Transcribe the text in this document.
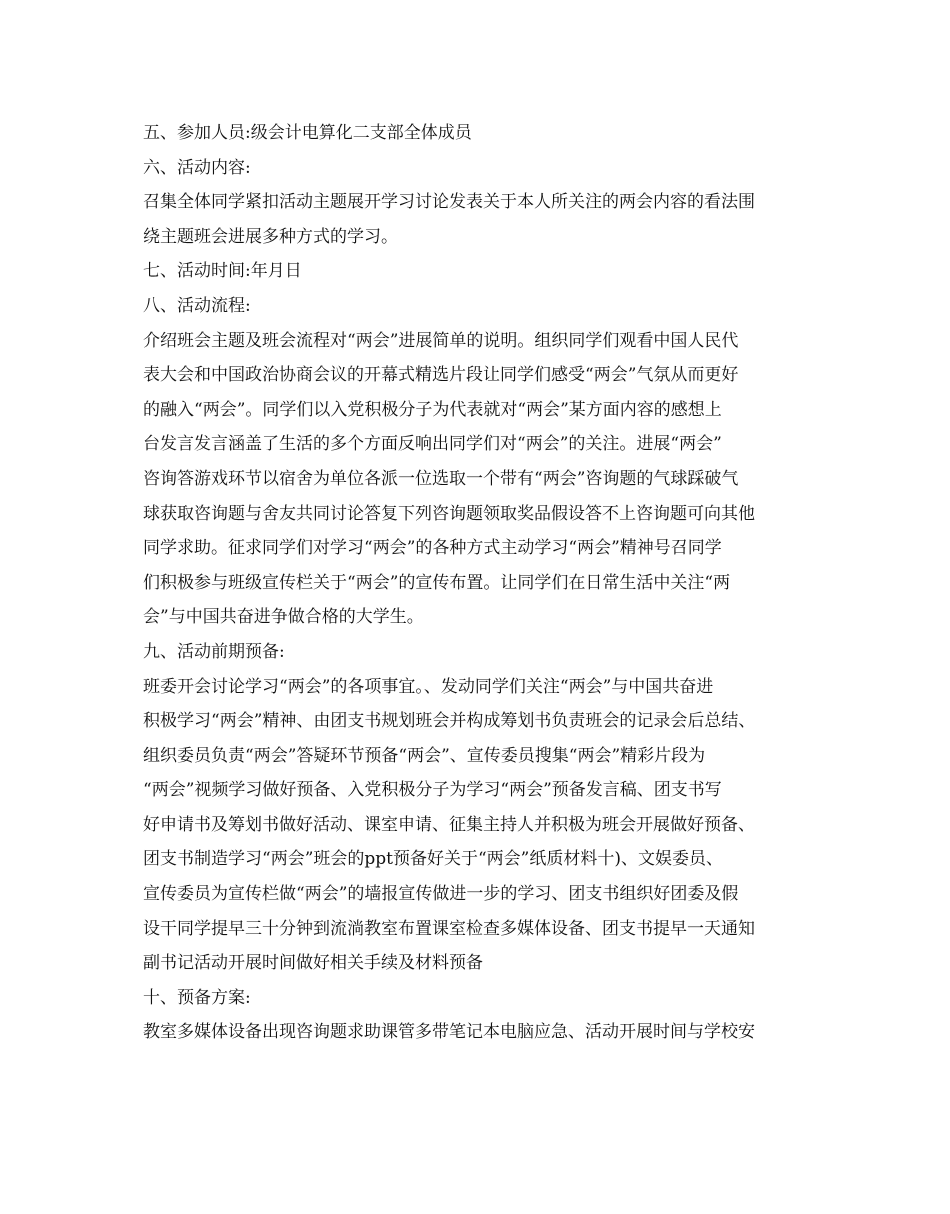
五、参加人员:级会计电算化二支部全体成员
六、活动内容:
召集全体同学紧扣活动主题展开学习讨论发表关于本人所关注的两会内容的看法围
绕主题班会进展多种方式的学习。
七、活动时间:年月日
八、活动流程:
介绍班会主题及班会流程对“两会”进展简单的说明。组织同学们观看中国人民代
表大会和中国政治协商会议的开幕式精选片段让同学们感受“两会”气氛从而更好
的融入“两会”。同学们以入党积极分子为代表就对“两会”某方面内容的感想上
台发言发言涵盖了生活的多个方面反响出同学们对“两会”的关注。进展“两会”
咨询答游戏环节以宿舍为单位各派一位选取一个带有“两会”咨询题的气球踩破气
球获取咨询题与舍友共同讨论答复下列咨询题领取奖品假设答不上咨询题可向其他
同学求助。征求同学们对学习“两会”的各种方式主动学习“两会”精神号召同学
们积极参与班级宣传栏关于“两会”的宣传布置。让同学们在日常生活中关注“两
会”与中国共奋进争做合格的大学生。
九、活动前期预备:
班委开会讨论学习“两会”的各项事宜。、发动同学们关注“两会”与中国共奋进
积极学习“两会”精神、由团支书规划班会并构成筹划书负责班会的记录会后总结、
组织委员负责“两会”答疑环节预备“两会”、宣传委员搜集“两会”精彩片段为
“两会”视频学习做好预备、入党积极分子为学习“两会”预备发言稿、团支书写
好申请书及筹划书做好活动、课室申请、征集主持人并积极为班会开展做好预备、
团支书制造学习“两会”班会的ppt预备好关于“两会”纸质材料十)、文娱委员、
宣传委员为宣传栏做“两会”的墙报宣传做进一步的学习、团支书组织好团委及假
设干同学提早三十分钟到流淌教室布置课室检查多媒体设备、团支书提早一天通知
副书记活动开展时间做好相关手续及材料预备
十、预备方案:
教室多媒体设备出现咨询题求助课管多带笔记本电脑应急、活动开展时间与学校安
